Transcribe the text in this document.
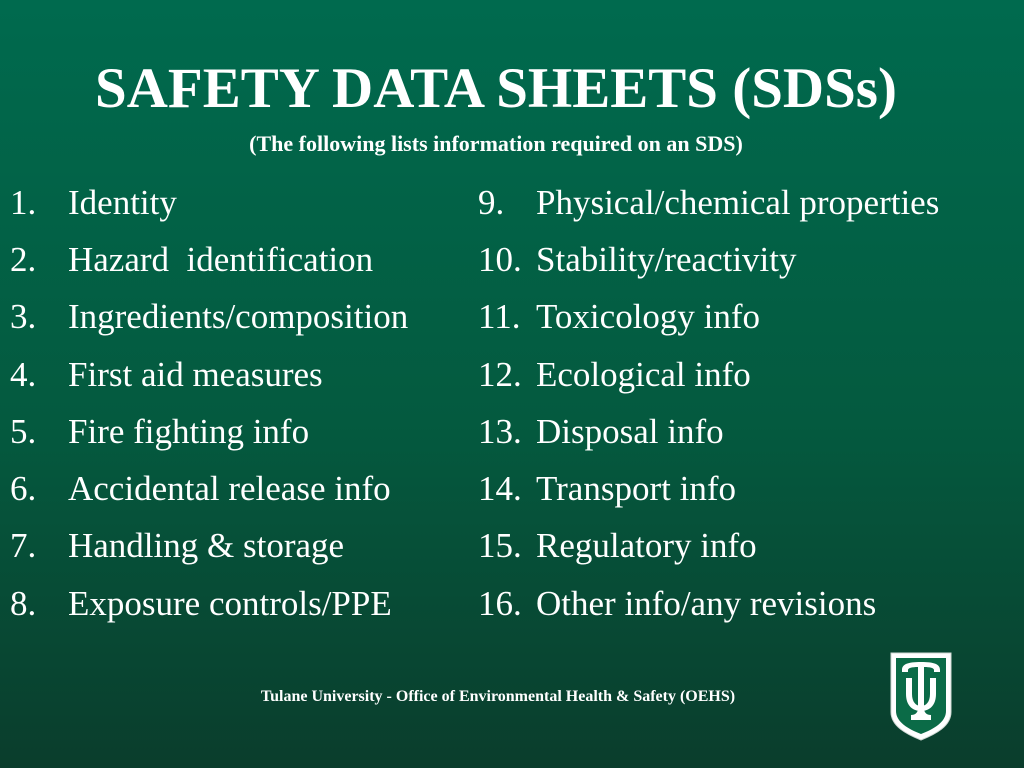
SAFETY DATA SHEETS (SDSs)
(The following lists information required on an SDS)
1. Identity
2. Hazard  identification
3. Ingredients/composition
4. First aid measures
5. Fire fighting info
6. Accidental release info
7. Handling & storage
8. Exposure controls/PPE
9. Physical/chemical properties
10. Stability/reactivity
11. Toxicology info
12. Ecological info
13. Disposal info
14. Transport info
15. Regulatory info
16. Other info/any revisions
Tulane University - Office of Environmental Health & Safety (OEHS)
